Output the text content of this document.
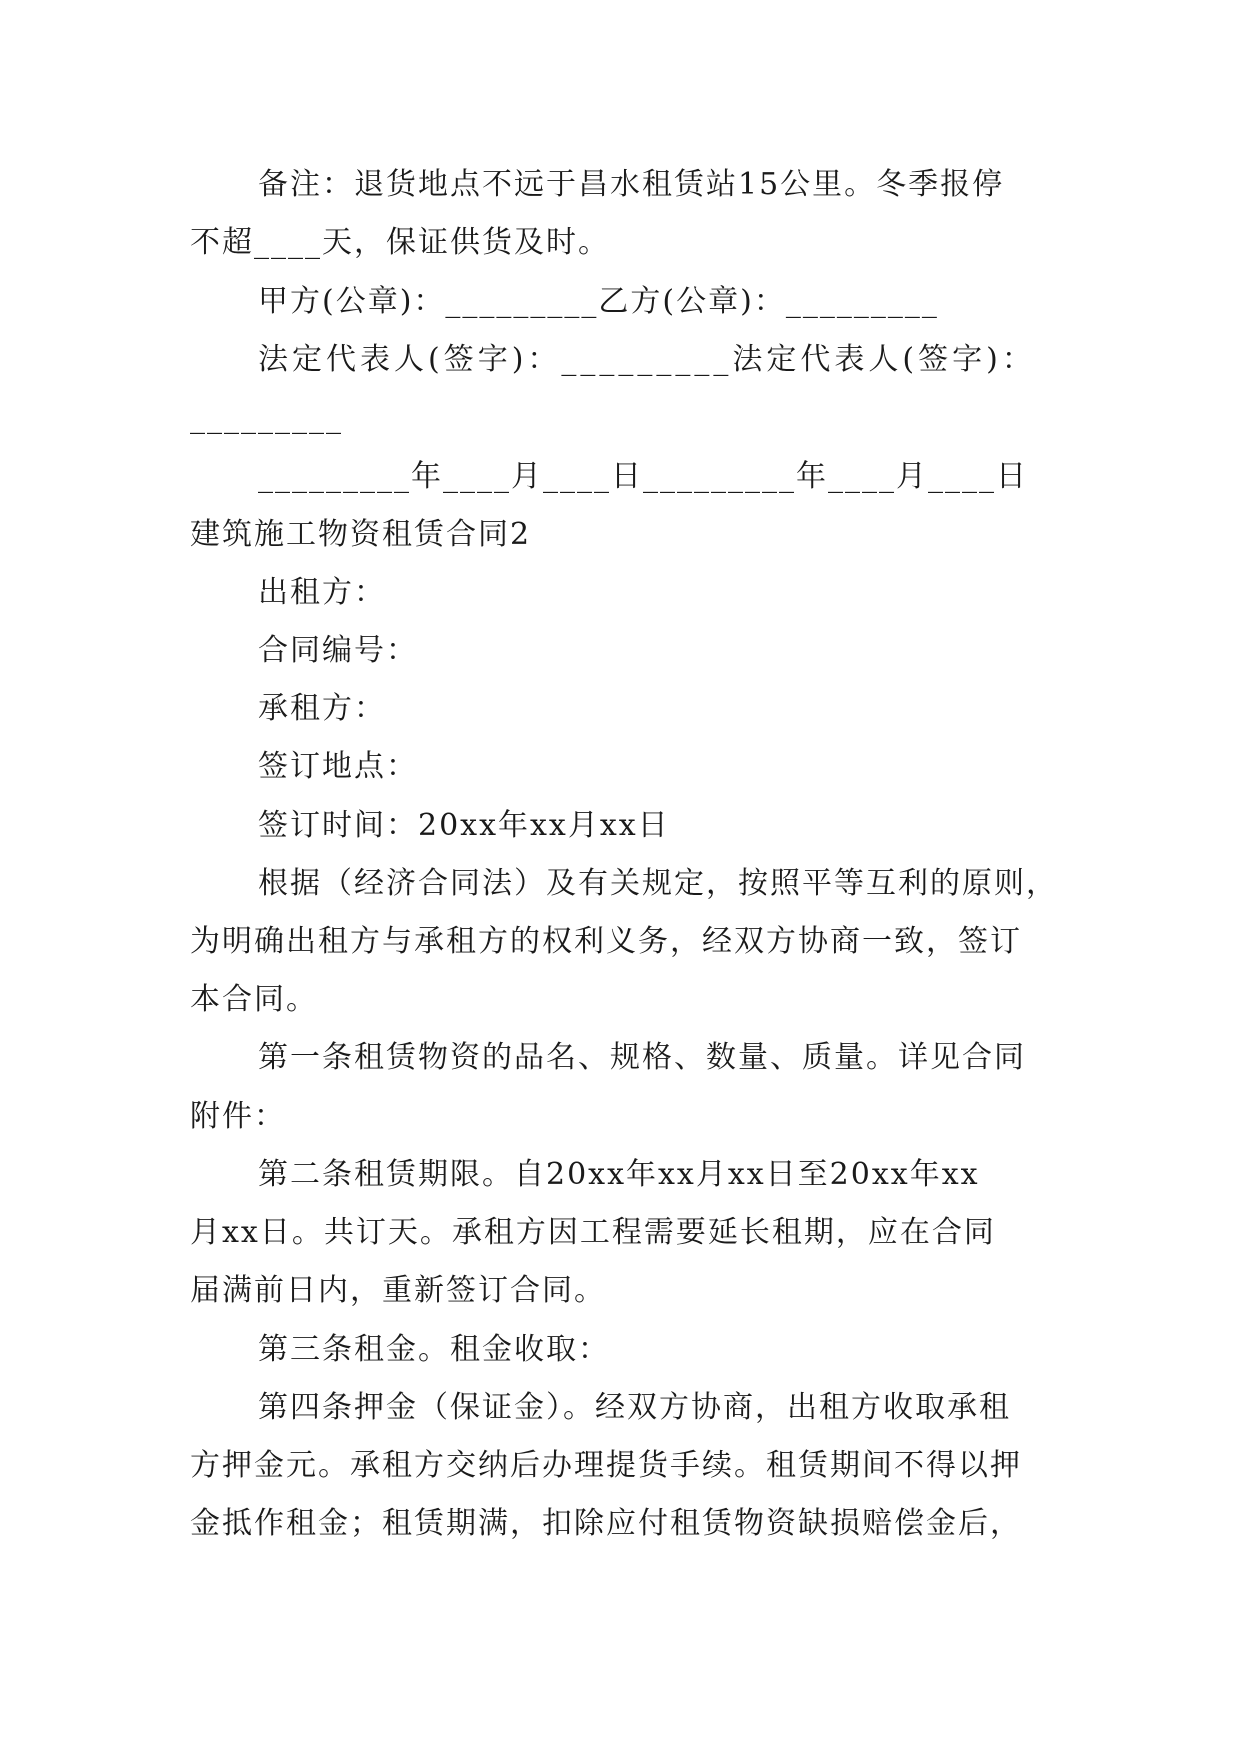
备注：退货地点不远于昌水租赁站15公里。冬季报停
不超____天，保证供货及时。
甲方(公章)：_________乙方(公章)：_________
法定代表人(签字)：_________法定代表人(签字)：
_________
_________年____月____日_________年____月____日
建筑施工物资租赁合同2
出租方：
合同编号：
承租方：
签订地点：
签订时间：20xx年xx月xx日
根据（经济合同法）及有关规定，按照平等互利的原则，
为明确出租方与承租方的权利义务，经双方协商一致，签订
本合同。
第一条租赁物资的品名、规格、数量、质量。详见合同
附件：
第二条租赁期限。自20xx年xx月xx日至20xx年xx
月xx日。共订天。承租方因工程需要延长租期，应在合同
届满前日内，重新签订合同。
第三条租金。租金收取：
第四条押金（保证金）。经双方协商，出租方收取承租
方押金元。承租方交纳后办理提货手续。租赁期间不得以押
金抵作租金；租赁期满，扣除应付租赁物资缺损赔偿金后，
